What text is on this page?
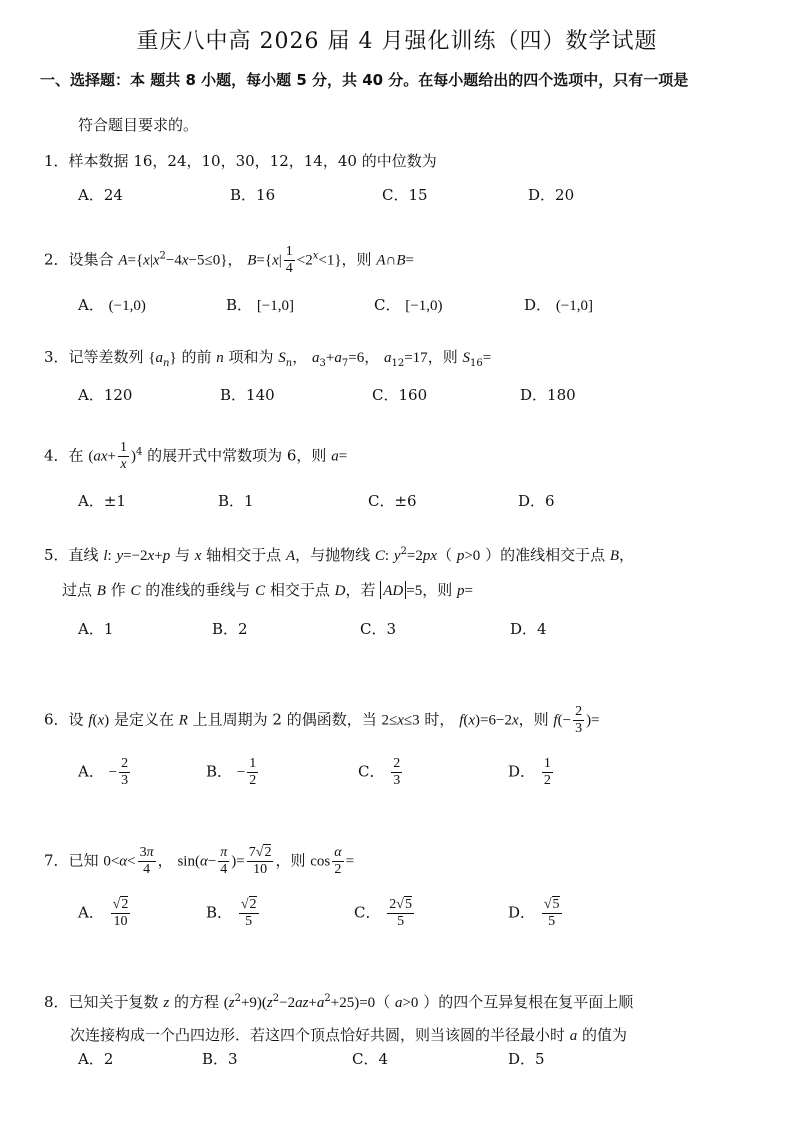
重庆八中高 2026 届 4 月强化训练（四）数学试题
一、选择题：本 题共 8 小题，每小题 5 分，共 40 分。在每小题给出的四个选项中，只有一项是
符合题目要求的。
1．样本数据 16，24，10，30，12，14，40 的中位数为
A．24	B．16	C．15	D．20
2．设集合 $A=\{x|x^2-4x-5\le 0\}$， $B=\{x| \frac{1}{4} <2^x<1\}$，则 A∩B=
A． (−1,0)	B． [−1,0]	C． [−1,0)	D． (−1,0]
3．记等差数列 $\{a_n\}$ 的前 n 项和为 $S_n$， $a_3+a_7=6$， $a_{12}=17$，则 $S_{16}=$
A．120	B．140	C．160	D．180
4．在 $(ax+ \frac{1}{x} )^4$ 的展开式中常数项为 6，则 a=
A．±1	B．1	C．±6	D．6
5．直线 l: y=−2x+p 与 x 轴相交于点 A，与抛物线 C: $y^2=2px$（ p>0 ）的准线相交于点 B，
过点 B 作 C 的准线的垂线与 C 相交于点 D，若 AD =5，则 p=
A．1	B．2	C．3	D．4
6．设 f(x) 是定义在 R 上且周期为 2 的偶函数，当 2≤x≤3 时， f(x)=6−2x，则 $f(- \frac{2}{3}$ )=
A． − $\frac{2}{3}$	B． − $\frac{1}{2}$	C． $\frac{2}{3}$	D． $\frac{1}{2}$
7．已知 $0<\alpha< \frac{3\pi}{4}$ ， $\sin(\alpha- \frac{\pi}{4}$ )= $\frac{7√2}{10}$ ，则 $\cos \frac{\alpha}{2}$ =
A． $\frac{√2}{10}$	B． $\frac{√2}{5}$	C． $\frac{2√5}{5}$	D． $\frac{√5}{5}$
8．已知关于复数 z 的方程 $(z^2+9)(z^2-2az+a^2+25)=0$（ a>0 ）的四个互异复根在复平面上顺
次连接构成一个凸四边形．若这四个顶点恰好共圆，则当该圆的半径最小时 a 的值为
A．2	B．3	C．4	D．5
